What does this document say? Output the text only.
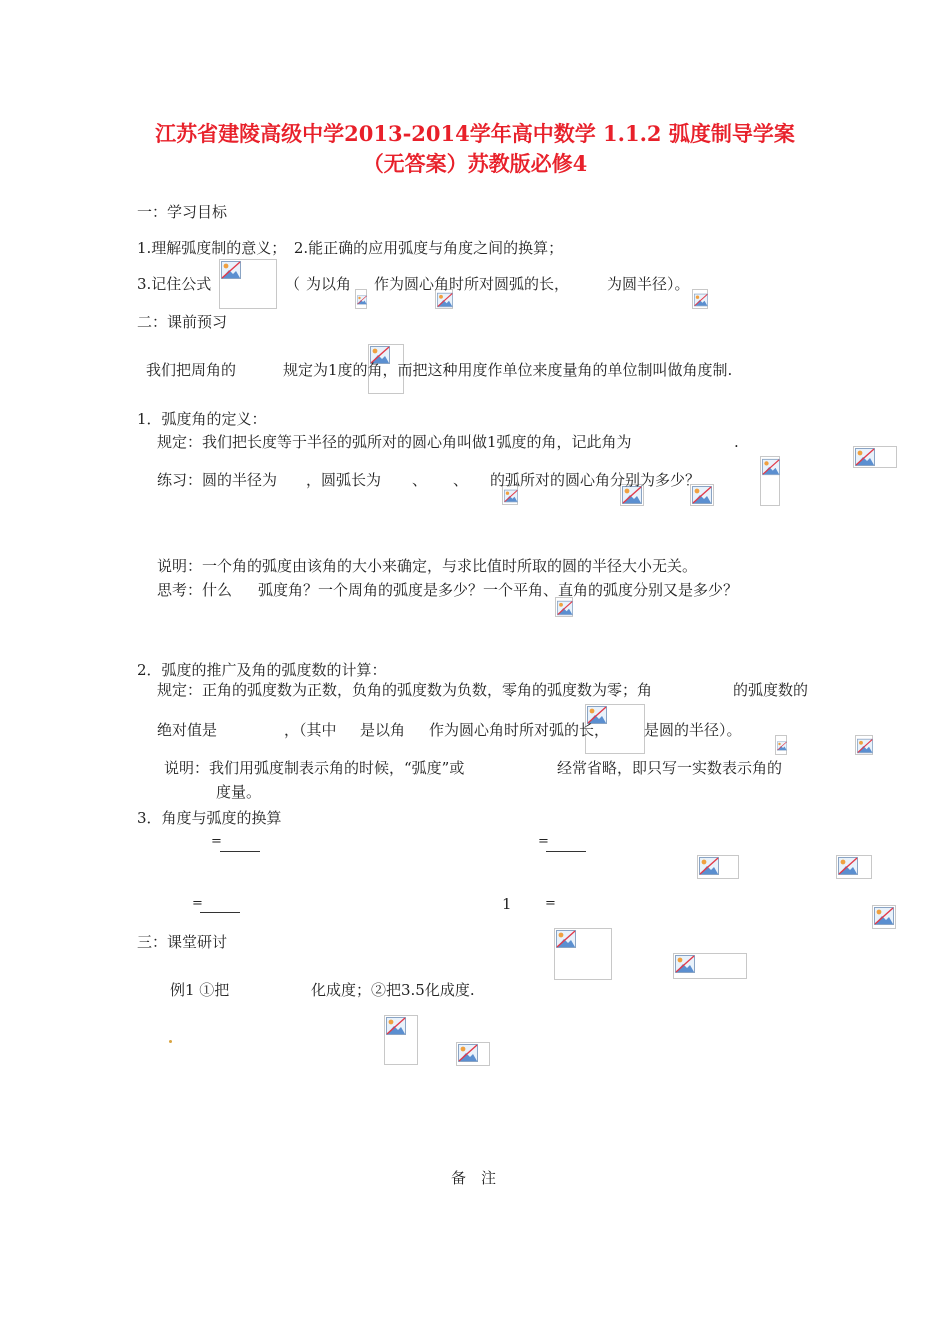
江苏省建陵高级中学2013-2014学年高中数学 1.1.2 弧度制导学案
（无答案）苏教版必修4
一：学习目标
1.理解弧度制的意义；　2.能正确的应用弧度与角度之间的换算；
3.记住公式
	（
为以角
作为圆心角时所对圆弧的长，
	为圆半径）。
二：课前预习
我们把周角的
	规定为1度的角，而把这种用度作单位来度量角的单位制叫做角度制.
1．弧度角的定义：
规定：我们把长度等于半径的弧所对的圆心角叫做1弧度的角，记此角为
	.
练习：圆的半径为
，圆弧长为
、
、
的弧所对的圆心角分别为多少？
说明：一个角的弧度由该角的大小来确定，与求比值时所取的圆的半径大小无关。
思考：什么
弧度角？一个周角的弧度是多少？一个平角、直角的弧度分别又是多少？
2．弧度的推广及角的弧度数的计算：
规定：正角的弧度数为正数，负角的弧度数为负数，零角的弧度数为零；角
	的弧度数的
绝对值是
	，（其中
是以角
作为圆心角时所对弧的长，
是圆的半径）。
说明：我们用弧度制表示角的时候，“弧度”或
	经常省略，即只写一实数表示角的
度量。
3．角度与弧度的换算

=

	=

=

	1
	=

三：课堂研讨
例1 ①把
	化成度；②把3.5化成度.
备　注
